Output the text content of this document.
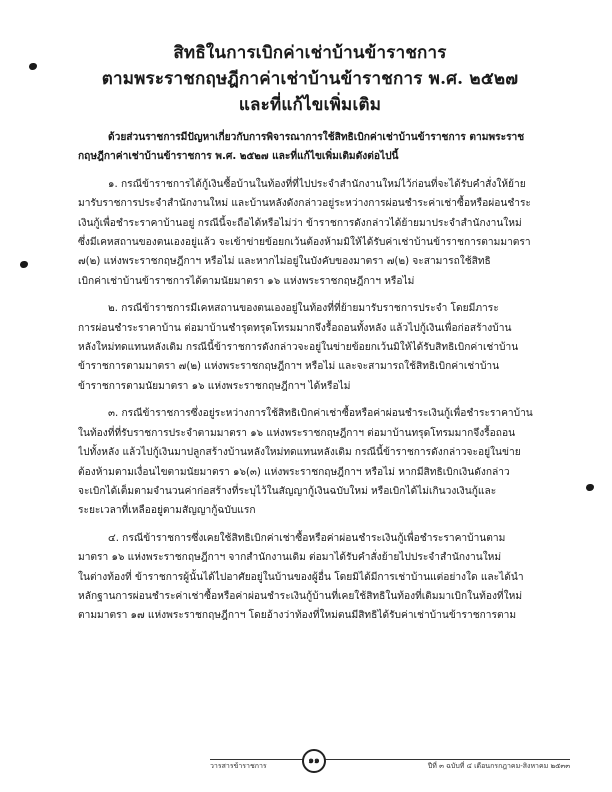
สิทธิในการเบิกค่าเช่าบ้านข้าราชการ
ตามพระราชกฤษฎีกาค่าเช่าบ้านข้าราชการ พ.ศ. ๒๕๒๗
และที่แก้ไขเพิ่มเติม
ด้วยส่วนราชการมีปัญหาเกี่ยวกับการพิจารณาการใช้สิทธิเบิกค่าเช่าบ้านข้าราชการ ตามพระราช
กฤษฎีกาค่าเช่าบ้านข้าราชการ พ.ศ. ๒๕๒๗ และที่แก้ไขเพิ่มเติมดังต่อไปนี้
๑. กรณีข้าราชการได้กู้เงินซื้อบ้านในท้องที่ที่ไปประจำสำนักงานใหม่ไว้ก่อนที่จะได้รับคำสั่งให้ย้าย
มารับราชการประจำสำนักงานใหม่ และบ้านหลังดังกล่าวอยู่ระหว่างการผ่อนชำระค่าเช่าซื้อหรือผ่อนชำระ
เงินกู้เพื่อชำระราคาบ้านอยู่ กรณีนี้จะถือได้หรือไม่ว่า ข้าราชการดังกล่าวได้ย้ายมาประจำสำนักงานใหม่
ซึ่งมีเคหสถานของตนเองอยู่แล้ว จะเข้าข่ายข้อยกเว้นต้องห้ามมิให้ได้รับค่าเช่าบ้านข้าราชการตามมาตรา
๗(๒) แห่งพระราชกฤษฎีกาฯ หรือไม่ และหากไม่อยู่ในบังคับของมาตรา ๗(๒) จะสามารถใช้สิทธิ
เบิกค่าเช่าบ้านข้าราชการได้ตามนัยมาตรา ๑๖ แห่งพระราชกฤษฎีกาฯ หรือไม่
๒. กรณีข้าราชการมีเคหสถานของตนเองอยู่ในท้องที่ที่ย้ายมารับราชการประจำ โดยมีภาระ
การผ่อนชำระราคาบ้าน ต่อมาบ้านชำรุดทรุดโทรมมากจึงรื้อถอนทั้งหลัง แล้วไปกู้เงินเพื่อก่อสร้างบ้าน
หลังใหม่ทดแทนหลังเดิม กรณีนี้ข้าราชการดังกล่าวจะอยู่ในข่ายข้อยกเว้นมิให้ได้รับสิทธิเบิกค่าเช่าบ้าน
ข้าราชการตามมาตรา ๗(๒) แห่งพระราชกฤษฎีกาฯ หรือไม่ และจะสามารถใช้สิทธิเบิกค่าเช่าบ้าน
ข้าราชการตามนัยมาตรา ๑๖ แห่งพระราชกฤษฎีกาฯ ได้หรือไม่
๓. กรณีข้าราชการซึ่งอยู่ระหว่างการใช้สิทธิเบิกค่าเช่าซื้อหรือค่าผ่อนชำระเงินกู้เพื่อชำระราคาบ้าน
ในท้องที่ที่รับราชการประจำตามมาตรา ๑๖ แห่งพระราชกฤษฎีกาฯ ต่อมาบ้านทรุดโทรมมากจึงรื้อถอน
ไปทั้งหลัง แล้วไปกู้เงินมาปลูกสร้างบ้านหลังใหม่ทดแทนหลังเดิม กรณีนี้ข้าราชการดังกล่าวจะอยู่ในข่าย
ต้องห้ามตามเงื่อนไขตามนัยมาตรา ๑๖(๓) แห่งพระราชกฤษฎีกาฯ หรือไม่ หากมีสิทธิเบิกเงินดังกล่าว
จะเบิกได้เต็มตามจำนวนค่าก่อสร้างที่ระบุไว้ในสัญญากู้เงินฉบับใหม่ หรือเบิกได้ไม่เกินวงเงินกู้และ
ระยะเวลาที่เหลืออยู่ตามสัญญากู้ฉบับแรก
๔. กรณีข้าราชการซึ่งเคยใช้สิทธิเบิกค่าเช่าซื้อหรือค่าผ่อนชำระเงินกู้เพื่อชำระราคาบ้านตาม
มาตรา ๑๖ แห่งพระราชกฤษฎีกาฯ จากสำนักงานเดิม ต่อมาได้รับคำสั่งย้ายไปประจำสำนักงานใหม่
ในต่างท้องที่ ข้าราชการผู้นั้นได้ไปอาศัยอยู่ในบ้านของผู้อื่น โดยมิได้มีการเช่าบ้านแต่อย่างใด และได้นำ
หลักฐานการผ่อนชำระค่าเช่าซื้อหรือค่าผ่อนชำระเงินกู้บ้านที่เคยใช้สิทธิในท้องที่เดิมมาเบิกในท้องที่ใหม่
ตามมาตรา ๑๗ แห่งพระราชกฤษฎีกาฯ โดยอ้างว่าท้องที่ใหม่ตนมีสิทธิได้รับค่าเช่าบ้านข้าราชการตาม
วารสารข้าราชการ	๑๑	ปีที่ ๓ ฉบับที่ ๔ เดือนกรกฎาคม-สิงหาคม ๒๕๓๓
